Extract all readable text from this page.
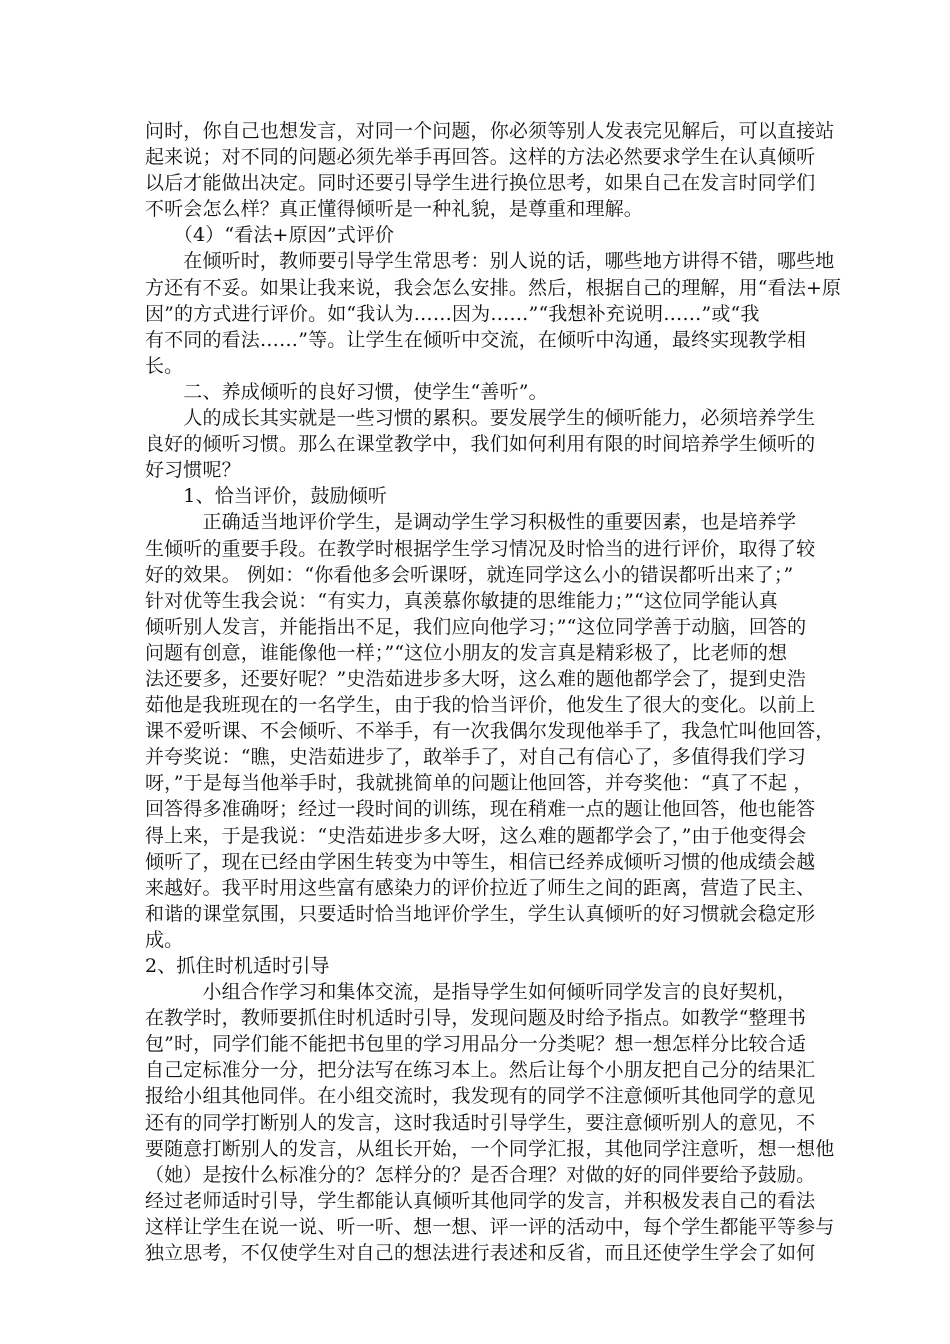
问时，你自己也想发言，对同一个问题，你必须等别人发表完见解后，可以直接站
起来说；对不同的问题必须先举手再回答。这样的方法必然要求学生在认真倾听
以后才能做出决定。同时还要引导学生进行换位思考，如果自己在发言时同学们
不听会怎么样？真正懂得倾听是一种礼貌，是尊重和理解。
　　（4）“看法+原因”式评价
　　在倾听时，教师要引导学生常思考：别人说的话，哪些地方讲得不错，哪些地
方还有不妥。如果让我来说，我会怎么安排。然后，根据自己的理解，用“看法+原
因”的方式进行评价。如“我认为……因为……”“我想补充说明……”或“我
有不同的看法……”等。让学生在倾听中交流，在倾听中沟通，最终实现教学相
长。
　　二、养成倾听的良好习惯，使学生“善听”。
　　人的成长其实就是一些习惯的累积。要发展学生的倾听能力，必须培养学生
良好的倾听习惯。那么在课堂教学中，我们如何利用有限的时间培养学生倾听的
好习惯呢？
　　1、恰当评价，鼓励倾听
　　　正确适当地评价学生，是调动学生学习积极性的重要因素，也是培养学
生倾听的重要手段。在教学时根据学生学习情况及时恰当的进行评价，取得了较
好的效果。 例如：“你看他多会听课呀，就连同学这么小的错误都听出来了；”
针对优等生我会说：“有实力，真羡慕你敏捷的思维能力；”“这位同学能认真
倾听别人发言，并能指出不足，我们应向他学习；”“这位同学善于动脑，回答的
问题有创意，谁能像他一样；”“这位小朋友的发言真是精彩极了，比老师的想
法还要多，还要好呢？”史浩茹进步多大呀，这么难的题他都学会了，提到史浩
茹他是我班现在的一名学生，由于我的恰当评价，他发生了很大的变化。以前上
课不爱听课、不会倾听、不举手，有一次我偶尔发现他举手了，我急忙叫他回答，
并夸奖说：“瞧，史浩茹进步了，敢举手了，对自己有信心了，多值得我们学习
呀，”于是每当他举手时，我就挑简单的问题让他回答，并夸奖他：“真了不起 ，
回答得多准确呀；经过一段时间的训练，现在稍难一点的题让他回答，他也能答
得上来，于是我说：“史浩茹进步多大呀，这么难的题都学会了，”由于他变得会
倾听了，现在已经由学困生转变为中等生，相信已经养成倾听习惯的他成绩会越
来越好。我平时用这些富有感染力的评价拉近了师生之间的距离，营造了民主、
和谐的课堂氛围，只要适时恰当地评价学生，学生认真倾听的好习惯就会稳定形
成。
2、抓住时机适时引导
　　　小组合作学习和集体交流，是指导学生如何倾听同学发言的良好契机，
在教学时，教师要抓住时机适时引导，发现问题及时给予指点。如教学“整理书
包”时，同学们能不能把书包里的学习用品分一分类呢？想一想怎样分比较合适
自己定标准分一分，把分法写在练习本上。然后让每个小朋友把自己分的结果汇
报给小组其他同伴。在小组交流时，我发现有的同学不注意倾听其他同学的意见
还有的同学打断别人的发言，这时我适时引导学生，要注意倾听别人的意见，不
要随意打断别人的发言，从组长开始，一个同学汇报，其他同学注意听，想一想他
（她）是按什么标准分的？怎样分的？是否合理？对做的好的同伴要给予鼓励。
经过老师适时引导，学生都能认真倾听其他同学的发言，并积极发表自己的看法
这样让学生在说一说、听一听、想一想、评一评的活动中，每个学生都能平等参与
独立思考，不仅使学生对自己的想法进行表述和反省，而且还使学生学会了如何
